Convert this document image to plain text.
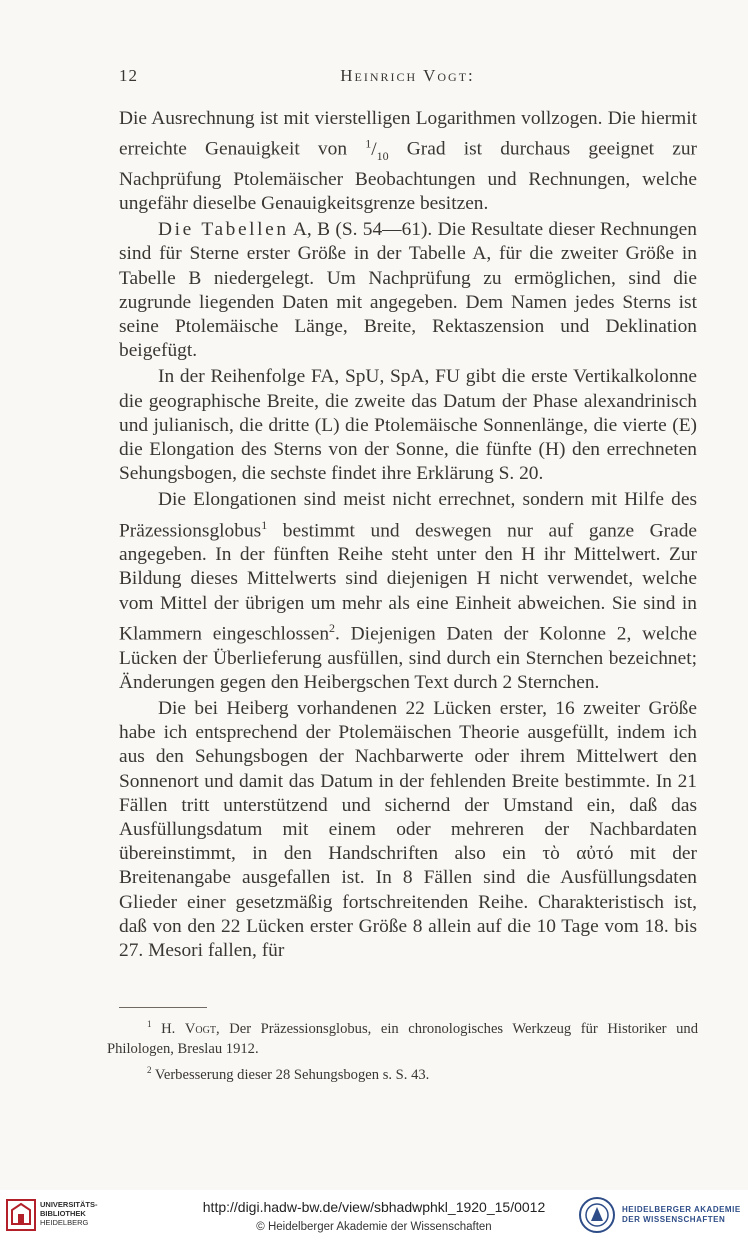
12	Heinrich Vogt:

Die Ausrechnung ist mit vierstelligen Logarithmen vollzogen. Die hiermit erreichte Genauigkeit von $^1/_{10}$ Grad ist durchaus geeignet zur Nachprüfung Ptolemäischer Beobachtungen und Rechnungen, welche ungefähr dieselbe Genauigkeitsgrenze besitzen.

Die Tabellen A, B (S. 54—61). Die Resultate dieser Rechnungen sind für Sterne erster Größe in der Tabelle A, für die zweiter Größe in Tabelle B niedergelegt. Um Nachprüfung zu ermöglichen, sind die zugrunde liegenden Daten mit angegeben. Dem Namen jedes Sterns ist seine Ptolemäische Länge, Breite, Rektaszension und Deklination beigefügt.

In der Reihenfolge FA, SpU, SpA, FU gibt die erste Vertikalkolonne die geographische Breite, die zweite das Datum der Phase alexandrinisch und julianisch, die dritte (L) die Ptolemäische Sonnenlänge, die vierte (E) die Elongation des Sterns von der Sonne, die fünfte (H) den errechneten Sehungsbogen, die sechste findet ihre Erklärung S. 20.

Die Elongationen sind meist nicht errechnet, sondern mit Hilfe des Präzessionsglobus$^1$ bestimmt und deswegen nur auf ganze Grade angegeben. In der fünften Reihe steht unter den H ihr Mittelwert. Zur Bildung dieses Mittelwerts sind diejenigen H nicht verwendet, welche vom Mittel der übrigen um mehr als eine Einheit abweichen. Sie sind in Klammern eingeschlossen$^2$. Diejenigen Daten der Kolonne 2, welche Lücken der Überlieferung ausfüllen, sind durch ein Sternchen bezeichnet; Änderungen gegen den Heibergschen Text durch 2 Sternchen.

Die bei Heiberg vorhandenen 22 Lücken erster, 16 zweiter Größe habe ich entsprechend der Ptolemäischen Theorie ausgefüllt, indem ich aus den Sehungsbogen der Nachbarwerte oder ihrem Mittelwert den Sonnenort und damit das Datum in der fehlenden Breite bestimmte. In 21 Fällen tritt unterstützend und sichernd der Umstand ein, daß das Ausfüllungsdatum mit einem oder mehreren der Nachbardaten übereinstimmt, in den Handschriften also ein τὸ αὐτό mit der Breitenangabe ausgefallen ist. In 8 Fällen sind die Ausfüllungsdaten Glieder einer gesetzmäßig fortschreitenden Reihe. Charakteristisch ist, daß von den 22 Lücken erster Größe 8 allein auf die 10 Tage vom 18. bis 27. Mesori fallen, für

$^1$ H. Vogt, Der Präzessionsglobus, ein chronologisches Werkzeug für Historiker und Philologen, Breslau 1912.

$^2$ Verbesserung dieser 28 Sehungsbogen s. S. 43.

UNIVERSITÄTS-
BIBLIOTHEK
HEIDELBERG
http://digi.hadw-bw.de/view/sbhadwphkl_1920_15/0012
© Heidelberger Akademie der Wissenschaften
HEIDELBERGER AKADEMIE
DER WISSENSCHAFTEN
